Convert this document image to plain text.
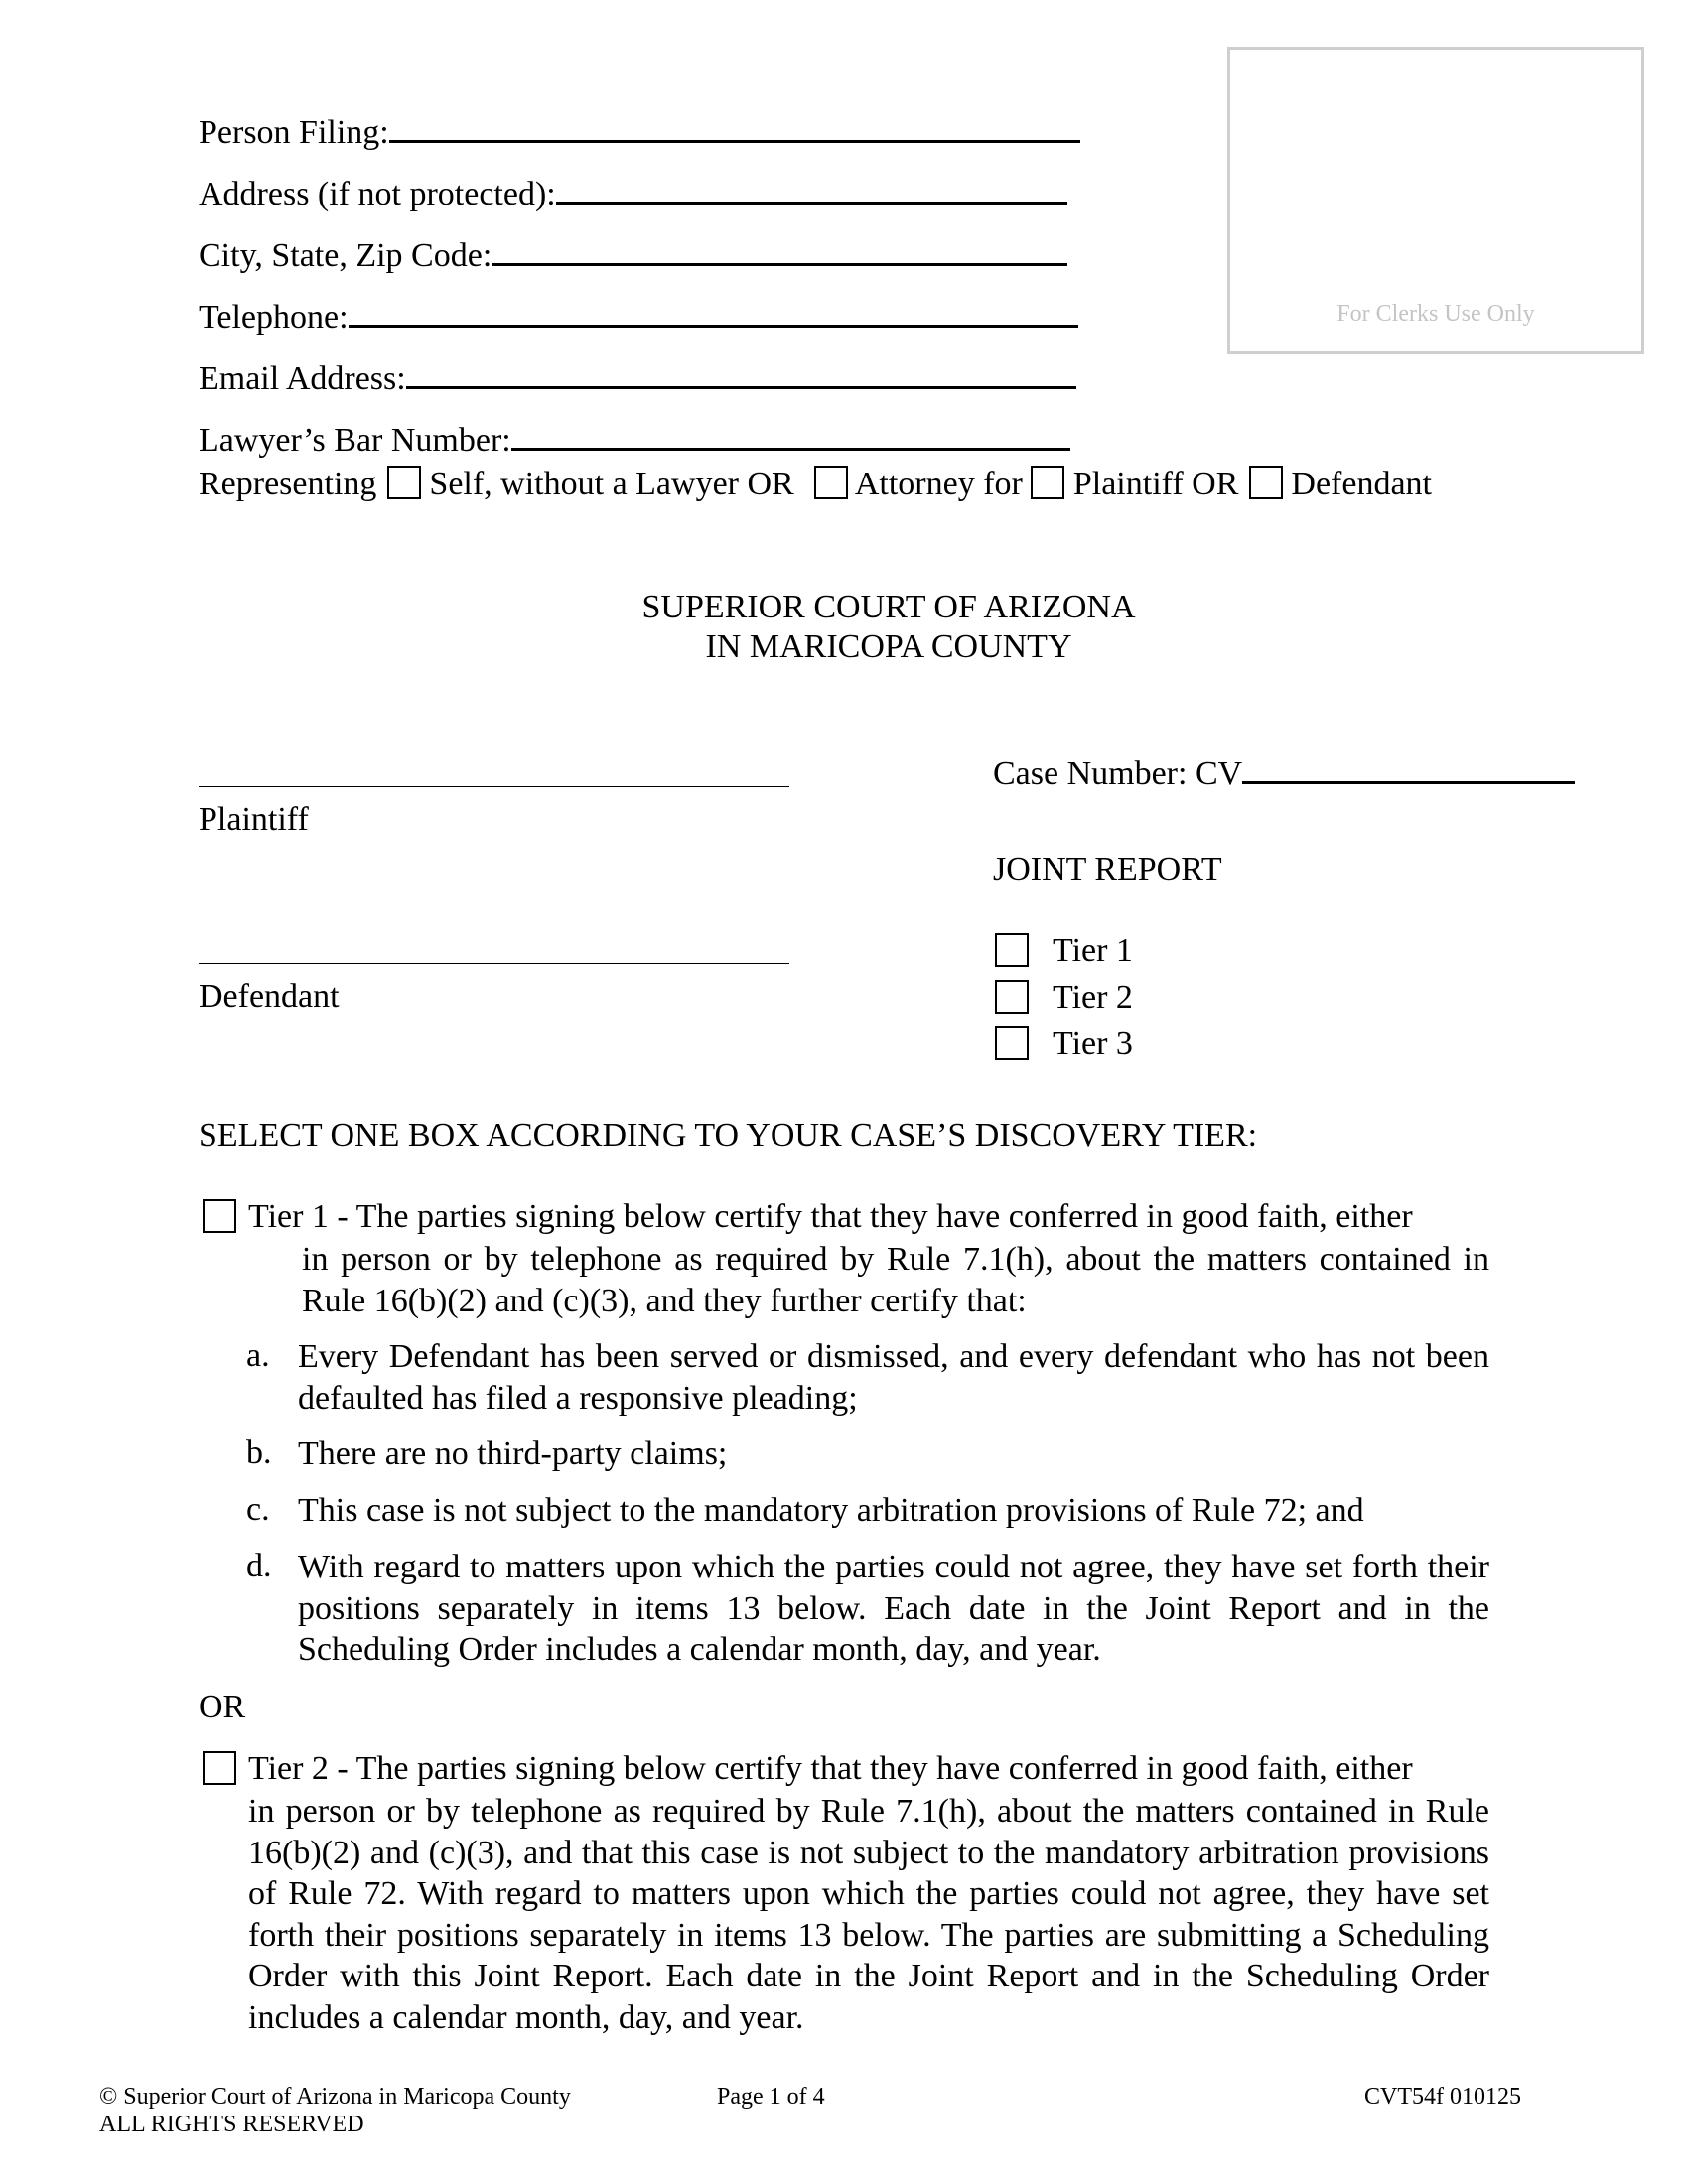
For Clerks Use Only
Person Filing:
Address (if not protected):
City, State, Zip Code:
Telephone:
Email Address:
Lawyer’s Bar Number:
Representing Self, without a Lawyer OR Attorney for Plaintiff OR Defendant
SUPERIOR COURT OF ARIZONA
IN MARICOPA COUNTY
Plaintiff
Defendant
Case Number: CV
JOINT REPORT
Tier 1
Tier 2
Tier 3
SELECT ONE BOX ACCORDING TO YOUR CASE’S DISCOVERY TIER:
Tier 1 - The parties signing below certify that they have conferred in good faith, either
in person or by telephone as required by Rule 7.1(h), about the matters contained in Rule 16(b)(2) and (c)(3), and they further certify that:
a. Every Defendant has been served or dismissed, and every defendant who has not been defaulted has filed a responsive pleading;
b. There are no third-party claims;
c. This case is not subject to the mandatory arbitration provisions of Rule 72; and
d. With regard to matters upon which the parties could not agree, they have set forth their positions separately in items 13 below. Each date in the Joint Report and in the Scheduling Order includes a calendar month, day, and year.
OR
Tier 2 - The parties signing below certify that they have conferred in good faith, either
in person or by telephone as required by Rule 7.1(h), about the matters contained in Rule 16(b)(2) and (c)(3), and that this case is not subject to the mandatory arbitration provisions of Rule 72. With regard to matters upon which the parties could not agree, they have set forth their positions separately in items 13 below. The parties are submitting a Scheduling Order with this Joint Report. Each date in the Joint Report and in the Scheduling Order includes a calendar month, day, and year.
© Superior Court of Arizona in Maricopa County
ALL RIGHTS RESERVED
Page 1 of 4	CVT54f 010125
